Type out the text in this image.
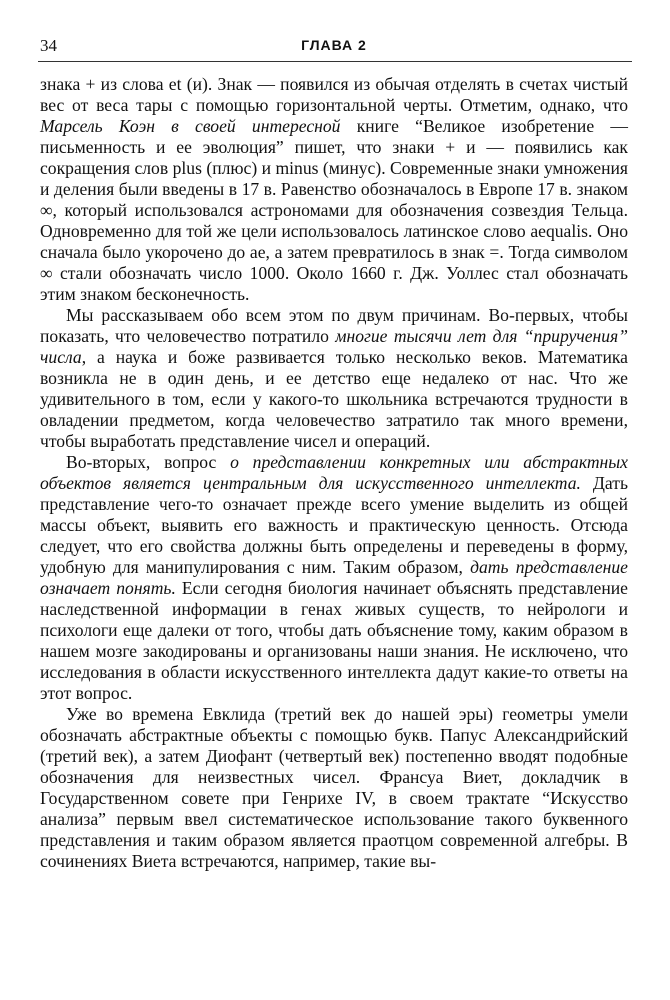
34	ГЛАВА 2

знака + из слова et (и). Знак — появился из обычая отделять в счетах чистый вес от веса тары с помощью горизонтальной черты. Отметим, однако, что Марсель Коэн в своей интересной книге “Великое изобретение — письменность и ее эволюция” пишет, что знаки + и — появились как сокращения слов plus (плюс) и minus (минус). Современные знаки умножения и деления были введены в 17 в. Равенство обозначалось в Европе 17 в. знаком ∞, который использовался астрономами для обозначения созвездия Тельца. Одновременно для той же цели использовалось латинское слово aequalis. Оно сначала было укорочено до ae, а затем превратилось в знак =. Тогда символом ∞ стали обозначать число 1000. Около 1660 г. Дж. Уоллес стал обозначать этим знаком бесконечность.

Мы рассказываем обо всем этом по двум причинам. Во-первых, чтобы показать, что человечество потратило многие тысячи лет для “приручения” числа, а наука и боже развивается только несколько веков. Математика возникла не в один день, и ее детство еще недалеко от нас. Что же удивительного в том, если у какого-то школьника встречаются трудности в овладении предметом, когда человечество затратило так много времени, чтобы выработать представление чисел и операций.

Во-вторых, вопрос о представлении конкретных или абстрактных объектов является центральным для искусственного интеллекта. Дать представление чего-то означает прежде всего умение выделить из общей массы объект, выявить его важность и практическую ценность. Отсюда следует, что его свойства должны быть определены и переведены в форму, удобную для манипулирования с ним. Таким образом, дать представление означает понять. Если сегодня биология начинает объяснять представление наследственной информации в генах живых существ, то нейрологи и психологи еще далеки от того, чтобы дать объяснение тому, каким образом в нашем мозге закодированы и организованы наши знания. Не исключено, что исследования в области искусственного интеллекта дадут какие-то ответы на этот вопрос.

Уже во времена Евклида (третий век до нашей эры) геометры умели обозначать абстрактные объекты с помощью букв. Папус Александрийский (третий век), а затем Диофант (четвертый век) постепенно вводят подобные обозначения для неизвестных чисел. Франсуа Виет, докладчик в Государственном совете при Генрихе IV, в своем трактате “Искусство анализа” первым ввел систематическое использование такого буквенного представления и таким образом является праотцом современной алгебры. В сочинениях Виета встречаются, например, такие вы-
